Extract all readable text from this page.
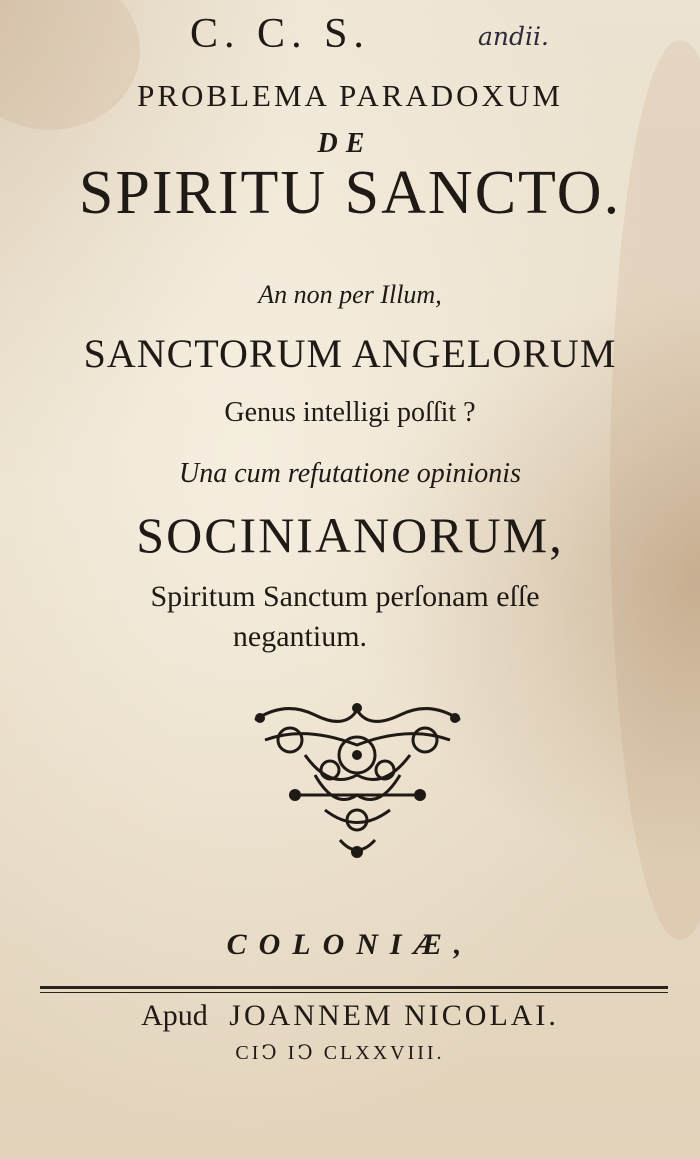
C. C. S.	andii.
PROBLEMA PARADOXUM
DE
SPIRITU SANCTO.
An non per Illum,
SANCTORUM ANGELORUM
Genus intelligi poſſit ?
Una cum refutatione opinionis
SOCINIANORUM,
Spiritum Sanctum perſonam eſſe
negantium.
COLONIÆ,
Apud JOANNEM NICOLAI.
CIↃ IↃ CLXXVIII.
